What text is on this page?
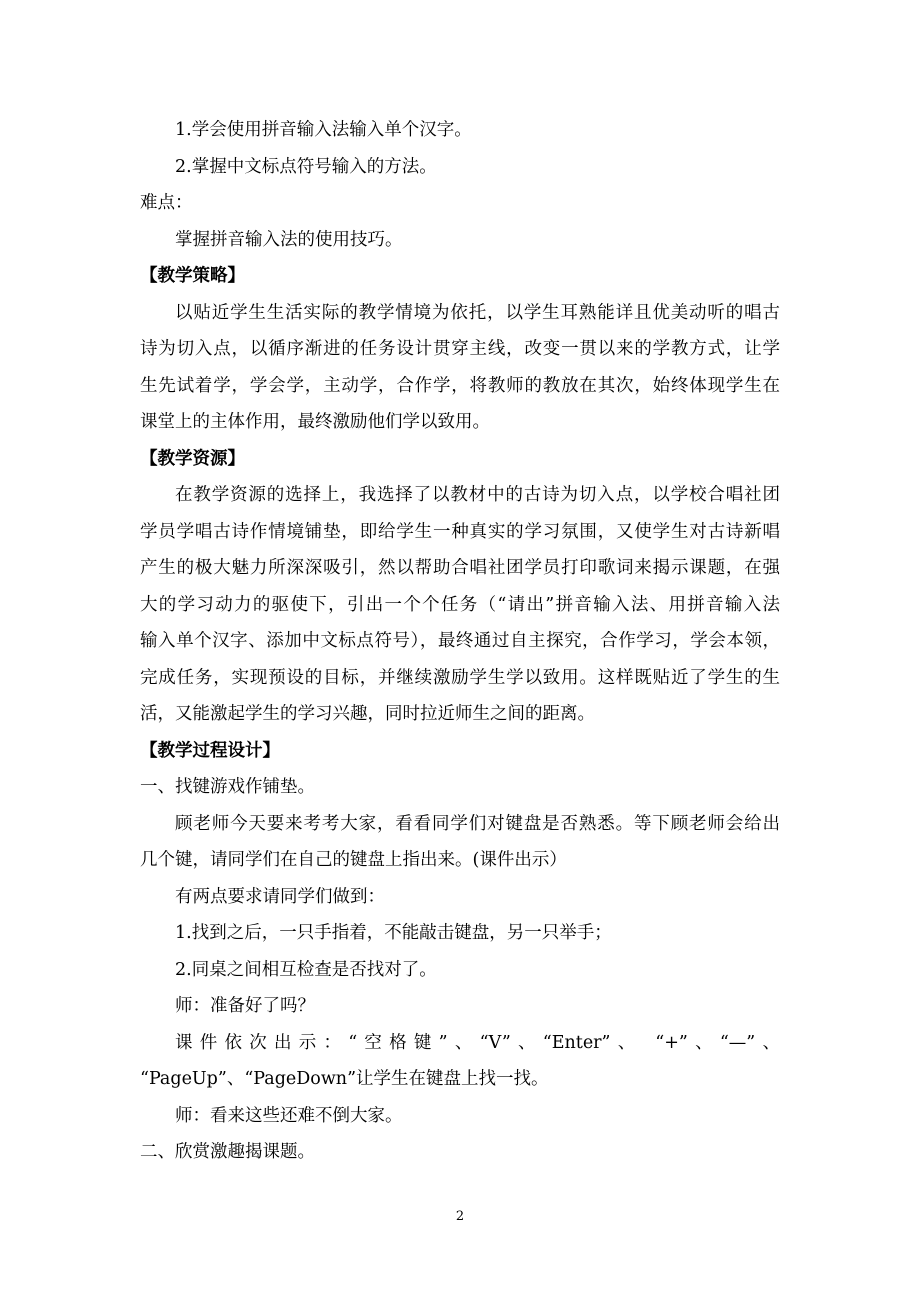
1.学会使用拼音输入法输入单个汉字。
2.掌握中文标点符号输入的方法。
难点：
掌握拼音输入法的使用技巧。
【教学策略】
以贴近学生生活实际的教学情境为依托，以学生耳熟能详且优美动听的唱古
诗为切入点，以循序渐进的任务设计贯穿主线，改变一贯以来的学教方式，让学
生先试着学，学会学，主动学，合作学，将教师的教放在其次，始终体现学生在
课堂上的主体作用，最终激励他们学以致用。
【教学资源】
在教学资源的选择上，我选择了以教材中的古诗为切入点，以学校合唱社团
学员学唱古诗作情境铺垫，即给学生一种真实的学习氛围，又使学生对古诗新唱
产生的极大魅力所深深吸引，然以帮助合唱社团学员打印歌词来揭示课题，在强
大的学习动力的驱使下，引出一个个任务（“请出”拼音输入法、用拼音输入法
输入单个汉字、添加中文标点符号），最终通过自主探究，合作学习，学会本领，
完成任务，实现预设的目标，并继续激励学生学以致用。这样既贴近了学生的生
活，又能激起学生的学习兴趣，同时拉近师生之间的距离。
【教学过程设计】
一、找键游戏作铺垫。
顾老师今天要来考考大家，看看同学们对键盘是否熟悉。等下顾老师会给出
几个键，请同学们在自己的键盘上指出来。(课件出示）
有两点要求请同学们做到：
1.找到之后，一只手指着，不能敲击键盘，另一只举手；
2.同桌之间相互检查是否找对了。
师：准备好了吗？
课件依次出示：“空格键”、“V”、“Enter”、 “+”、“—”、
“PageUp”、“PageDown”让学生在键盘上找一找。
师：看来这些还难不倒大家。
二、欣赏激趣揭课题。
2
